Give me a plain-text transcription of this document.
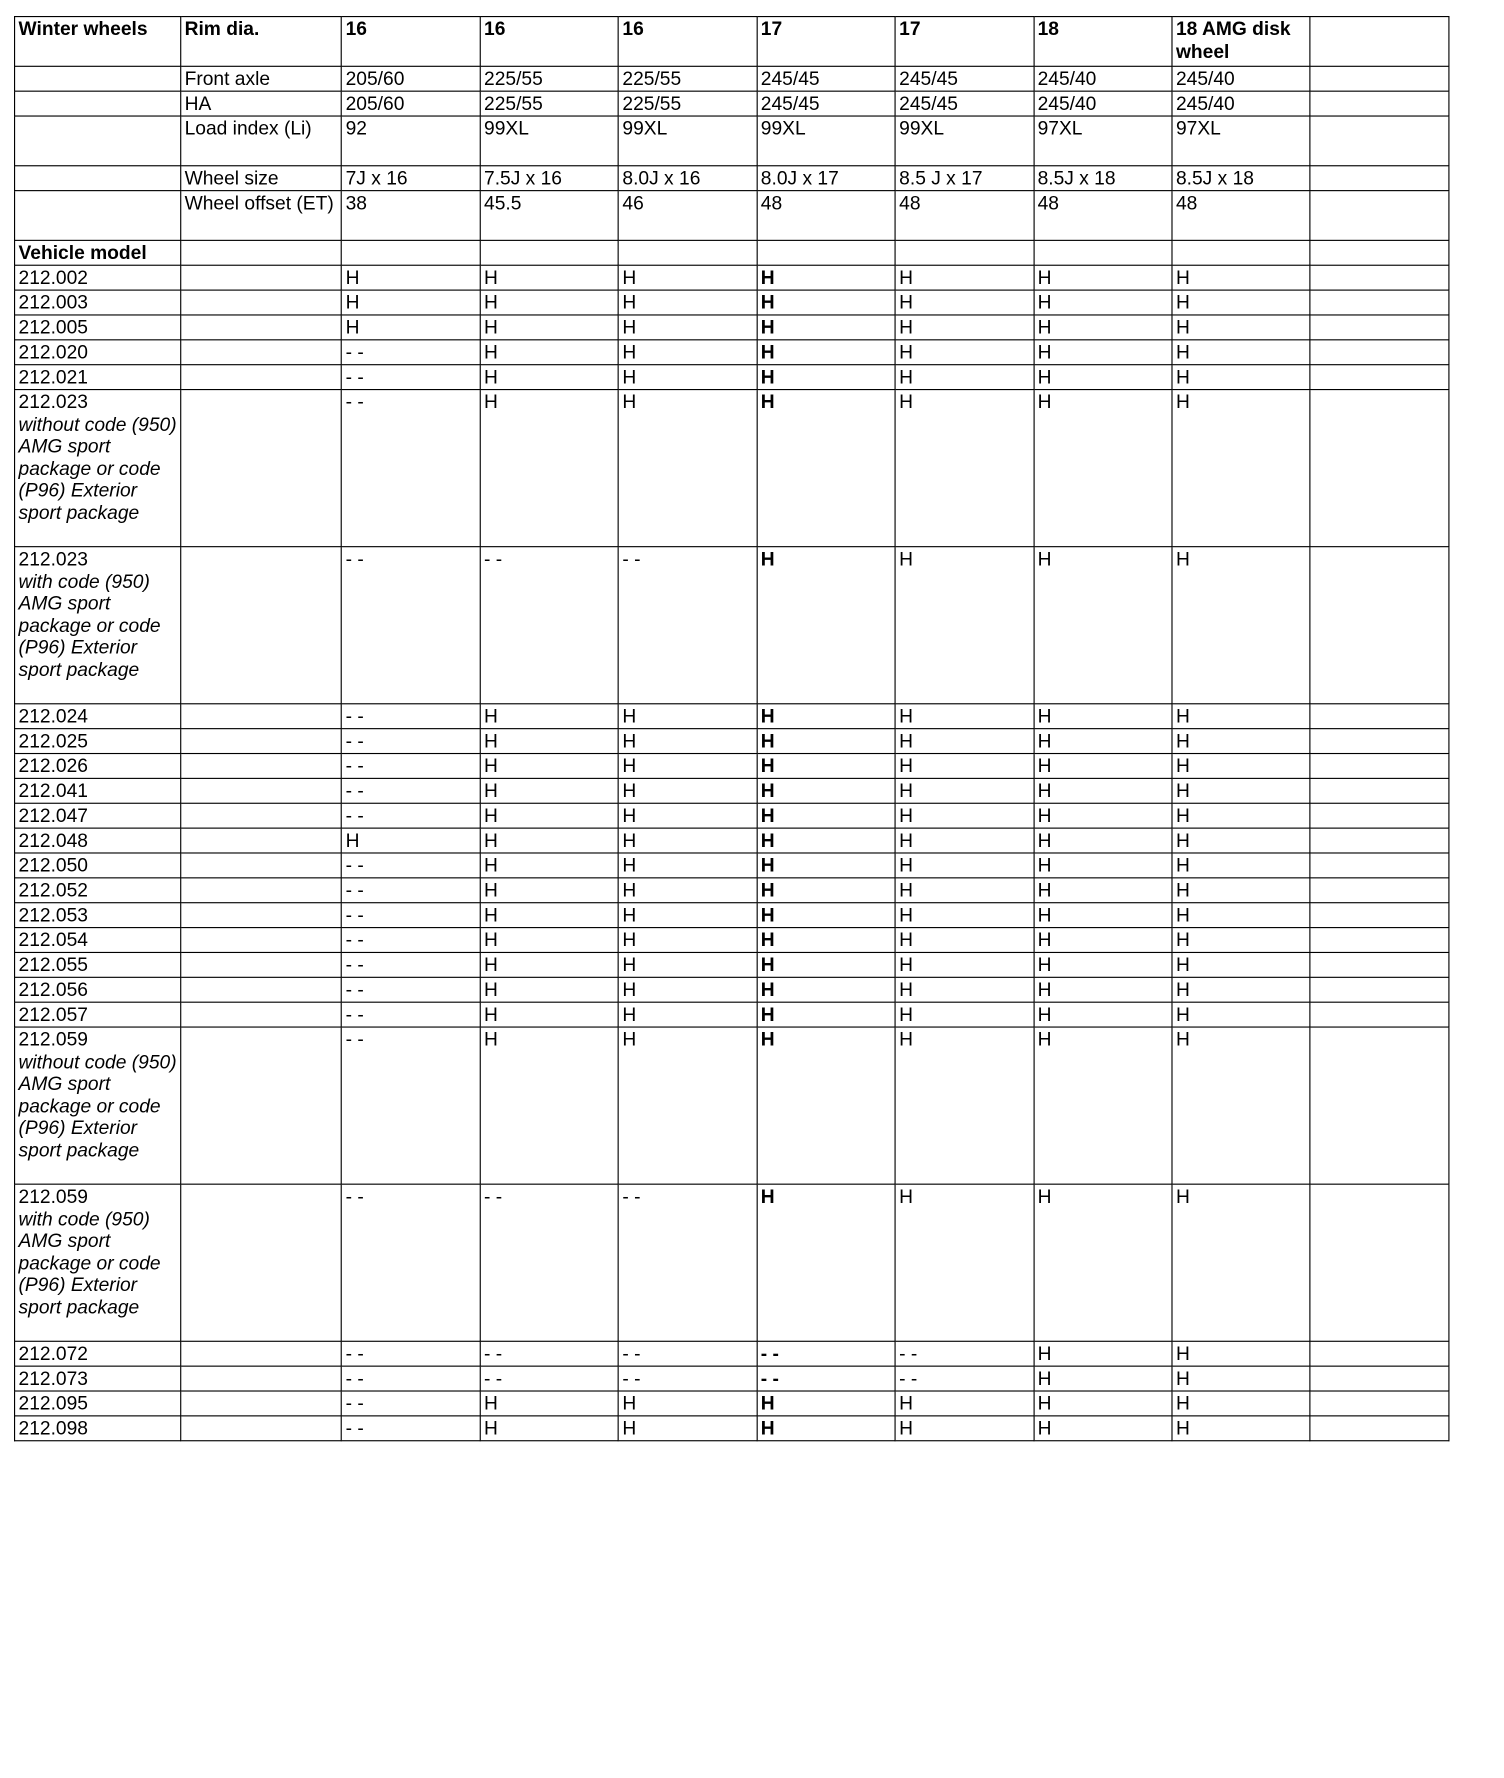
Winter wheels	Rim dia.	16	16	16	17	17	18	18 AMG disk wheel	
	Front axle	205/60	225/55	225/55	245/45	245/45	245/40	245/40	
	HA	205/60	225/55	225/55	245/45	245/45	245/40	245/40	
	Load index (Li)	92	99XL	99XL	99XL	99XL	97XL	97XL	
	Wheel size	7J x 16	7.5J x 16	8.0J x 16	8.0J x 17	8.5 J x 17	8.5J x 18	8.5J x 18	
	Wheel offset (ET)	38	45.5	46	48	48	48	48	
Vehicle model									

212.002		H	H	H	H	H	H	H	

212.003		H	H	H	H	H	H	H	

212.005		H	H	H	H	H	H	H	

212.020		- -	H	H	H	H	H	H	

212.021		- -	H	H	H	H	H	H	

212.023
without code (950) AMG sport package or code (P96) Exterior sport package		- -	H	H	H	H	H	H	

212.023
with code (950) AMG sport package or code (P96) Exterior sport package		- -	- -	- -	H	H	H	H	

212.024		- -	H	H	H	H	H	H	

212.025		- -	H	H	H	H	H	H	

212.026		- -	H	H	H	H	H	H	

212.041		- -	H	H	H	H	H	H	

212.047		- -	H	H	H	H	H	H	

212.048		H	H	H	H	H	H	H	

212.050		- -	H	H	H	H	H	H	

212.052		- -	H	H	H	H	H	H	

212.053		- -	H	H	H	H	H	H	

212.054		- -	H	H	H	H	H	H	

212.055		- -	H	H	H	H	H	H	

212.056		- -	H	H	H	H	H	H	

212.057		- -	H	H	H	H	H	H	

212.059
without code (950) AMG sport package or code (P96) Exterior sport package		- -	H	H	H	H	H	H	

212.059
with code (950) AMG sport package or code (P96) Exterior sport package		- -	- -	- -	H	H	H	H	

212.072		- -	- -	- -	- -	- -	H	H	

212.073		- -	- -	- -	- -	- -	H	H	

212.095		- -	H	H	H	H	H	H	

212.098		- -	H	H	H	H	H	H	
